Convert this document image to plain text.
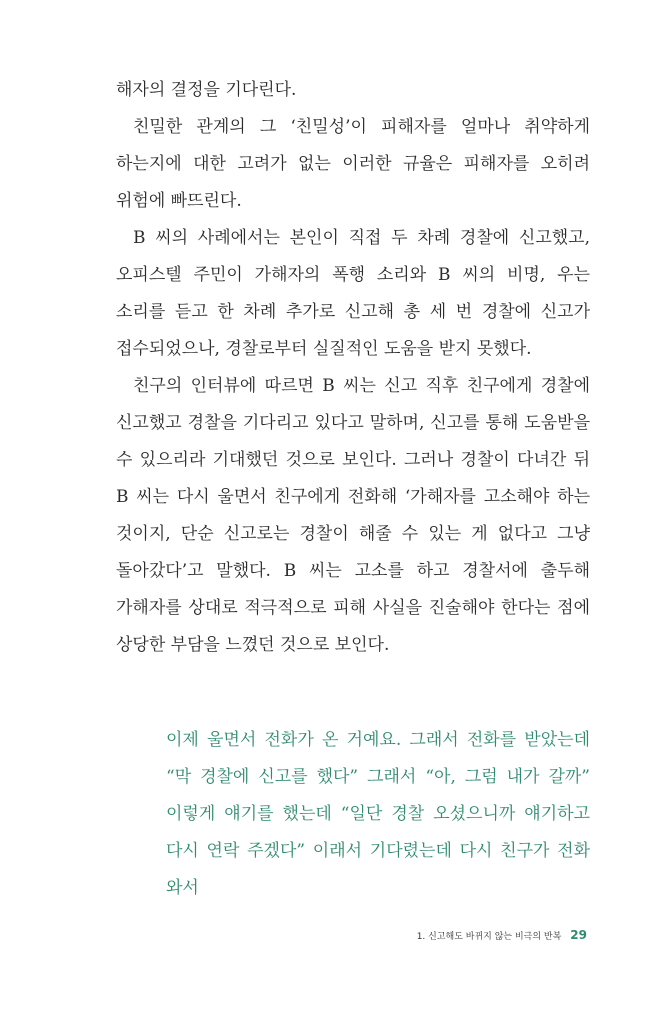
해자의 결정을 기다린다.

친밀한 관계의 그 ‘친밀성’이 피해자를 얼마나 취약하게 하는지에 대한 고려가 없는 이러한 규율은 피해자를 오히려 위험에 빠뜨린다.

B 씨의 사례에서는 본인이 직접 두 차례 경찰에 신고했고, 오피스텔 주민이 가해자의 폭행 소리와 B 씨의 비명, 우는 소리를 듣고 한 차례 추가로 신고해 총 세 번 경찰에 신고가 접수되었으나, 경찰로부터 실질적인 도움을 받지 못했다.

친구의 인터뷰에 따르면 B 씨는 신고 직후 친구에게 경찰에 신고했고 경찰을 기다리고 있다고 말하며, 신고를 통해 도움받을 수 있으리라 기대했던 것으로 보인다. 그러나 경찰이 다녀간 뒤 B 씨는 다시 울면서 친구에게 전화해 ‘가해자를 고소해야 하는 것이지, 단순 신고로는 경찰이 해줄 수 있는 게 없다고 그냥 돌아갔다’고 말했다. B 씨는 고소를 하고 경찰서에 출두해 가해자를 상대로 적극적으로 피해 사실을 진술해야 한다는 점에 상당한 부담을 느꼈던 것으로 보인다.

이제 울면서 전화가 온 거예요. 그래서 전화를 받았는데 “막 경찰에 신고를 했다” 그래서 “아, 그럼 내가 갈까” 이렇게 얘기를 했는데 “일단 경찰 오셨으니까 얘기하고 다시 연락 주겠다” 이래서 기다렸는데 다시 친구가 전화 와서

1. 신고해도 바뀌지 않는 비극의 반복 29
